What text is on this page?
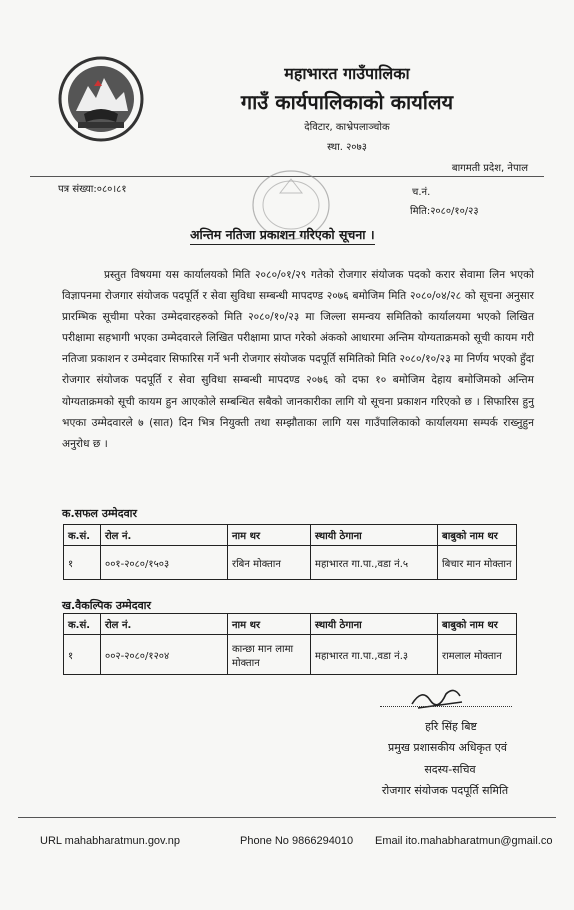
महाभारत गाउँपालिका
गाउँ कार्यपालिकाको कार्यालय
देविटार, काभ्रेपलाञ्चोक
स्था. २०७३
बागमती प्रदेश, नेपाल
पत्र संख्या:०८०।८१	च.नं.
मिति:२०८०/१०/२३
अन्तिम नतिजा प्रकाशन गरिएको सूचना ।
प्रस्तुत विषयमा यस कार्यालयको मिति २०८०/०१/२९ गतेको रोजगार संयोजक पदको करार सेवामा लिन भएको विज्ञापनमा रोजगार संयोजक पदपूर्ति र सेवा सुविधा सम्बन्धी मापदण्ड २०७६ बमोजिम मिति २०८०/०४/२८ को सूचना अनुसार प्रारम्भिक सूचीमा परेका उम्मेदवारहरुको मिति २०८०/१०/२३ मा जिल्ला समन्वय समितिको कार्यालयमा भएको लिखित परीक्षामा सहभागी भएका उम्मेदवारले लिखित परीक्षामा प्राप्त गरेको अंकको आधारमा अन्तिम योग्यताक्रमको सूची कायम गरी नतिजा प्रकाशन र उम्मेदवार सिफारिस गर्ने भनी रोजगार संयोजक पदपूर्ति समितिको मिति २०८०/१०/२३ मा निर्णय भएको हुँदा रोजगार संयोजक पदपूर्ति र सेवा सुविधा सम्बन्धी मापदण्ड २०७६ को दफा १० बमोजिम देहाय बमोजिमको अन्तिम योग्यताक्रमको सूची कायम हुन आएकोले सम्बन्धित सबैको जानकारीका लागि यो सूचना प्रकाशन गरिएको छ । सिफारिस हुनु भएका उम्मेदवारले ७ (सात) दिन भित्र नियुक्ती तथा सम्झौताका लागि यस गाउँपालिकाको कार्यालयमा सम्पर्क राख्नुहुन अनुरोध छ ।
क.सफल उम्मेदवार
क.सं.	रोल नं.	नाम थर	स्थायी ठेगाना	बाबुको नाम थर
१	००१-२०८०/१५०३	रबिन मोक्तान	महाभारत गा.पा.,वडा नं.५	बिचार मान मोक्तान
ख.वैकल्पिक उम्मेदवार
क.सं.	रोल नं.	नाम थर	स्थायी ठेगाना	बाबुको नाम थर
१	००२-२०८०/१२०४	कान्छा मान लामा मोक्तान	महाभारत गा.पा.,वडा नं.३	रामलाल मोक्तान
हरि सिंह बिष्ट
प्रमुख प्रशासकीय अधिकृत एवं
सदस्य-सचिव
रोजगार संयोजक पदपूर्ति समिति
URL mahabharatmun.gov.np	Phone No 9866294010 Email ito.mahabharatmun@gmail.co
